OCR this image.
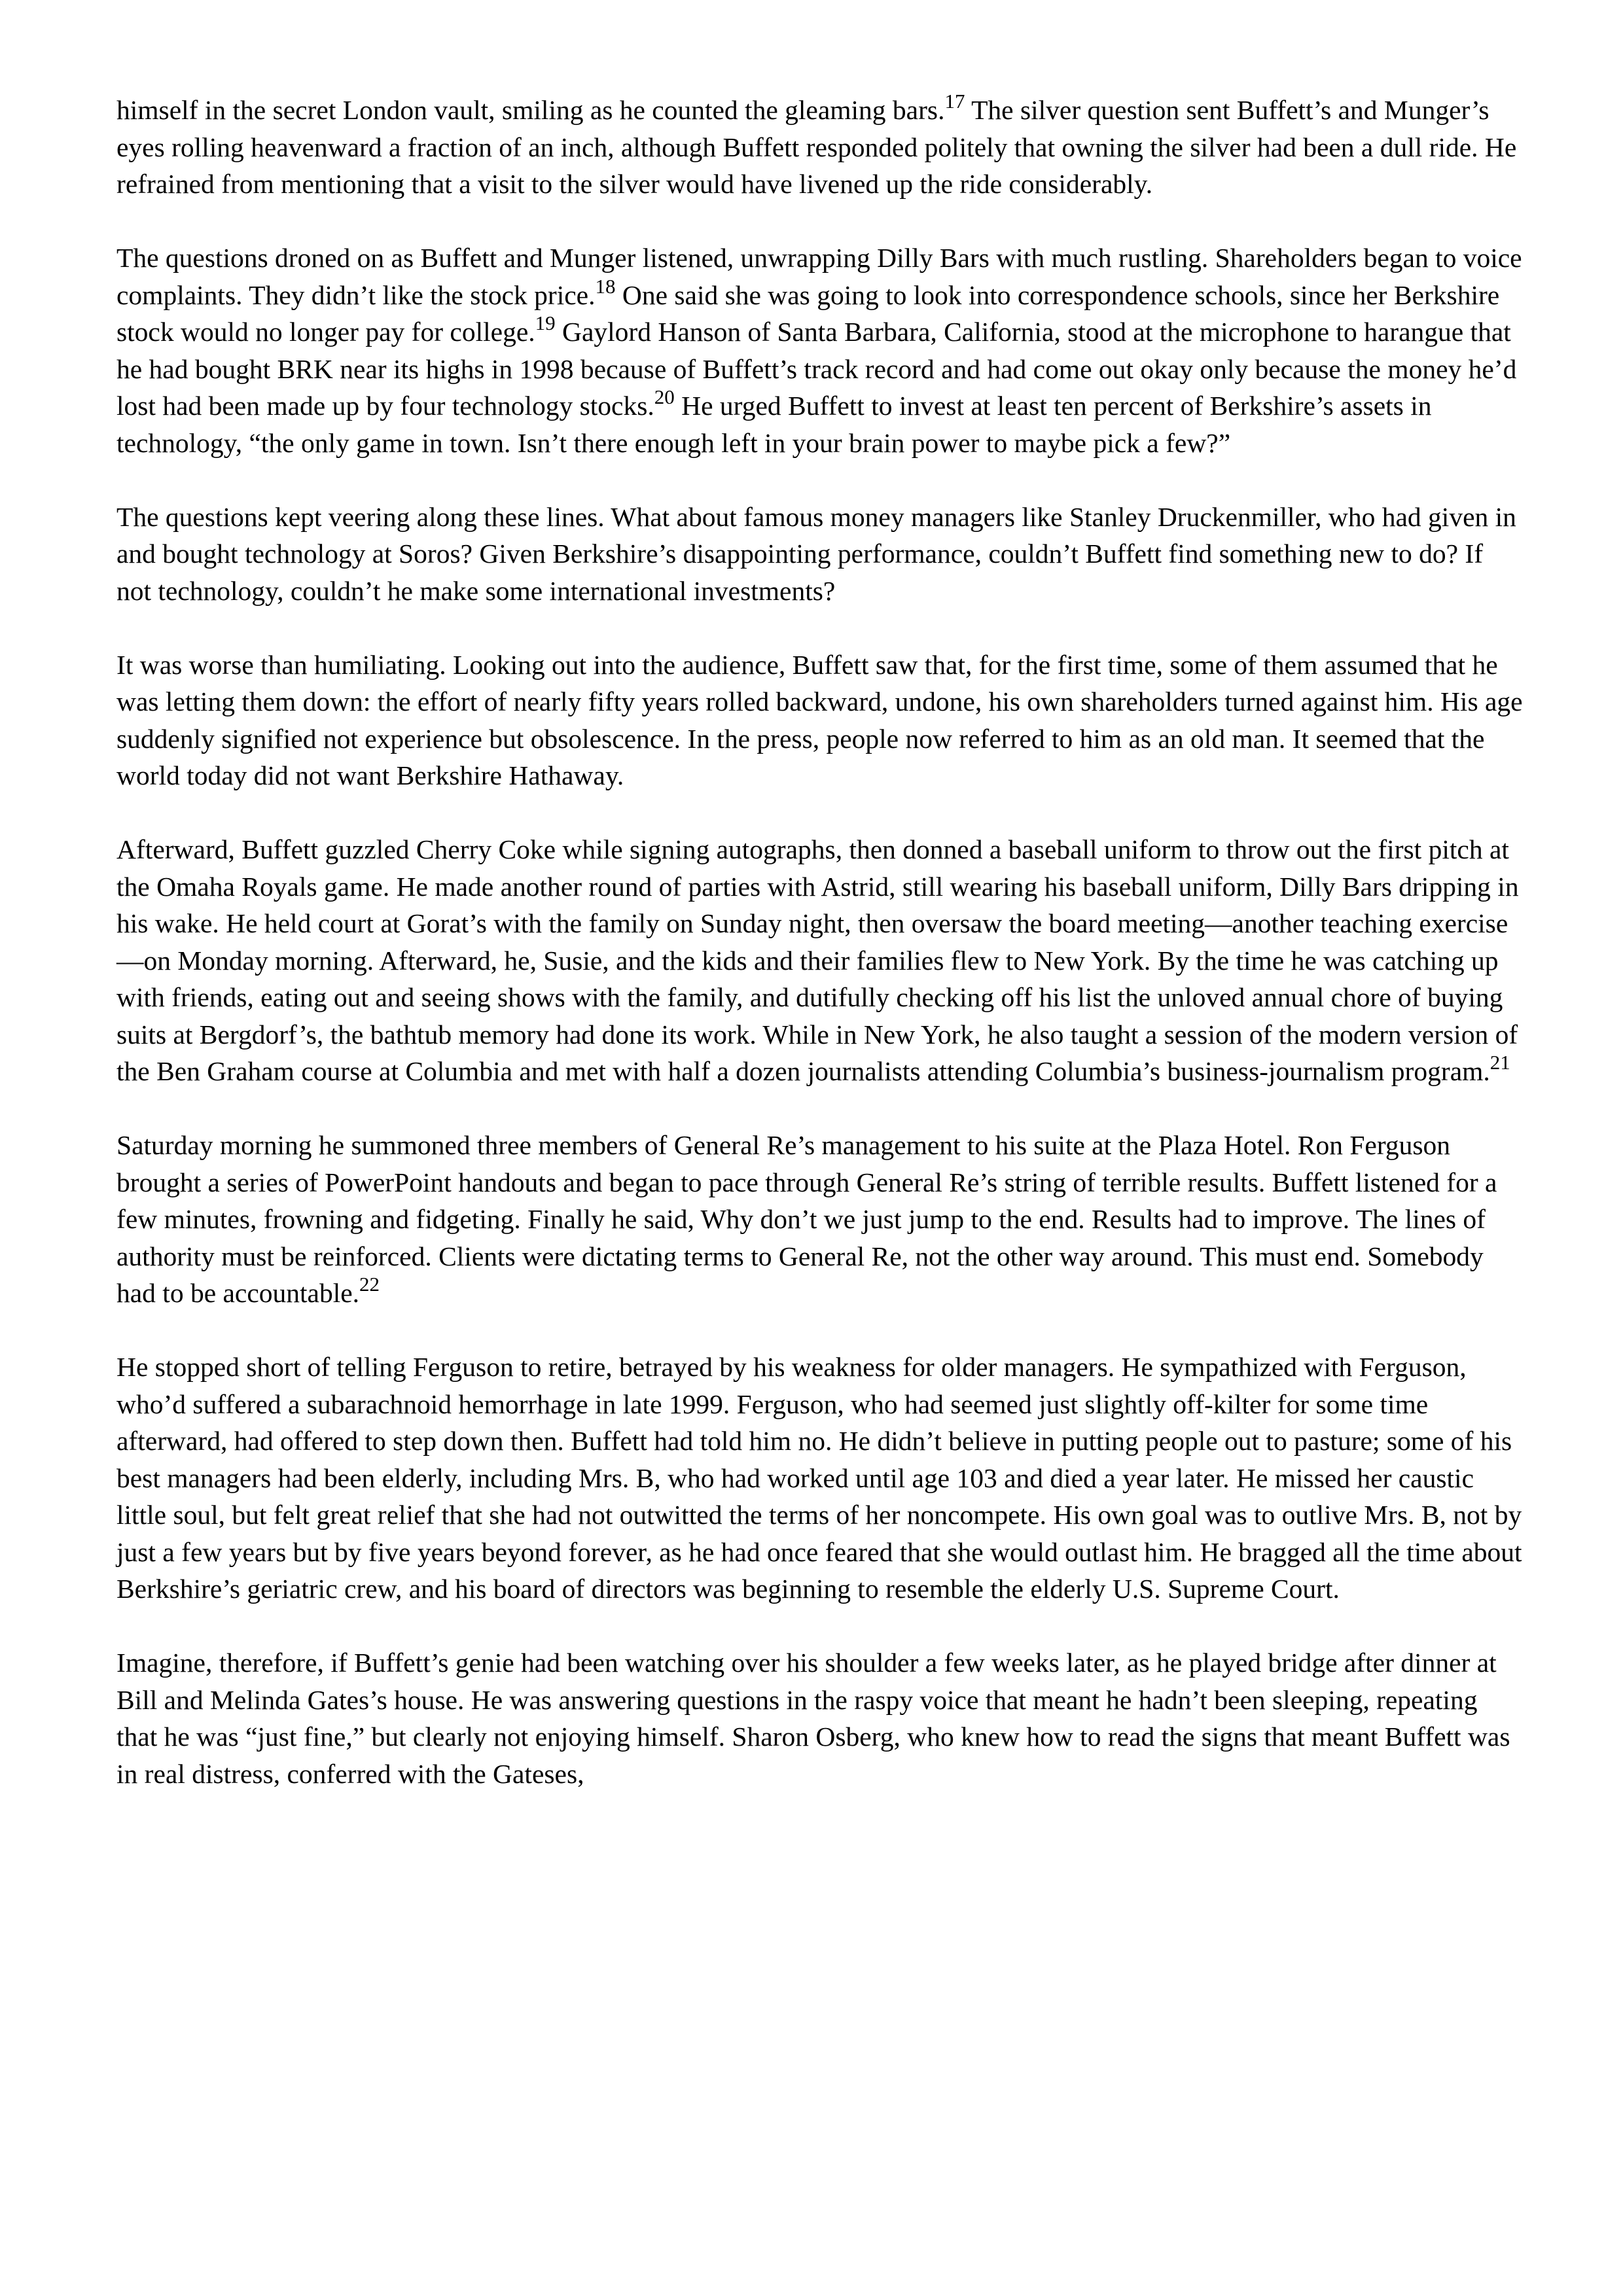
himself in the secret London vault, smiling as he counted the gleaming bars.$^{17}$ The silver question sent Buffett’s and Munger’s eyes rolling heavenward a fraction of an inch, although Buffett responded politely that owning the silver had been a dull ride. He refrained from mentioning that a visit to the silver would have livened up the ride considerably.

The questions droned on as Buffett and Munger listened, unwrapping Dilly Bars with much rustling. Shareholders began to voice complaints. They didn’t like the stock price.$^{18}$ One said she was going to look into correspondence schools, since her Berkshire stock would no longer pay for college.$^{19}$ Gaylord Hanson of Santa Barbara, California, stood at the microphone to harangue that he had bought BRK near its highs in 1998 because of Buffett’s track record and had come out okay only because the money he’d lost had been made up by four technology stocks.$^{20}$ He urged Buffett to invest at least ten percent of Berkshire’s assets in technology, “the only game in town. Isn’t there enough left in your brain power to maybe pick a few?”

The questions kept veering along these lines. What about famous money managers like Stanley Druckenmiller, who had given in and bought technology at Soros? Given Berkshire’s disappointing performance, couldn’t Buffett find something new to do? If not technology, couldn’t he make some international investments?

It was worse than humiliating. Looking out into the audience, Buffett saw that, for the first time, some of them assumed that he was letting them down: the effort of nearly fifty years rolled backward, undone, his own shareholders turned against him. His age suddenly signified not experience but obsolescence. In the press, people now referred to him as an old man. It seemed that the world today did not want Berkshire Hathaway.

Afterward, Buffett guzzled Cherry Coke while signing autographs, then donned a baseball uniform to throw out the first pitch at the Omaha Royals game. He made another round of parties with Astrid, still wearing his baseball uniform, Dilly Bars dripping in his wake. He held court at Gorat’s with the family on Sunday night, then oversaw the board meeting—another teaching exercise—on Monday morning. Afterward, he, Susie, and the kids and their families flew to New York. By the time he was catching up with friends, eating out and seeing shows with the family, and dutifully checking off his list the unloved annual chore of buying suits at Bergdorf’s, the bathtub memory had done its work. While in New York, he also taught a session of the modern version of the Ben Graham course at Columbia and met with half a dozen journalists attending Columbia’s business-journalism program.$^{21}$

Saturday morning he summoned three members of General Re’s management to his suite at the Plaza Hotel. Ron Ferguson brought a series of PowerPoint handouts and began to pace through General Re’s string of terrible results. Buffett listened for a few minutes, frowning and fidgeting. Finally he said, Why don’t we just jump to the end. Results had to improve. The lines of authority must be reinforced. Clients were dictating terms to General Re, not the other way around. This must end. Somebody had to be accountable.$^{22}$

He stopped short of telling Ferguson to retire, betrayed by his weakness for older managers. He sympathized with Ferguson, who’d suffered a subarachnoid hemorrhage in late 1999. Ferguson, who had seemed just slightly off-kilter for some time afterward, had offered to step down then. Buffett had told him no. He didn’t believe in putting people out to pasture; some of his best managers had been elderly, including Mrs. B, who had worked until age 103 and died a year later. He missed her caustic little soul, but felt great relief that she had not outwitted the terms of her noncompete. His own goal was to outlive Mrs. B, not by just a few years but by five years beyond forever, as he had once feared that she would outlast him. He bragged all the time about Berkshire’s geriatric crew, and his board of directors was beginning to resemble the elderly U.S. Supreme Court.

Imagine, therefore, if Buffett’s genie had been watching over his shoulder a few weeks later, as he played bridge after dinner at Bill and Melinda Gates’s house. He was answering questions in the raspy voice that meant he hadn’t been sleeping, repeating that he was “just fine,” but clearly not enjoying himself. Sharon Osberg, who knew how to read the signs that meant Buffett was in real distress, conferred with the Gateses,
